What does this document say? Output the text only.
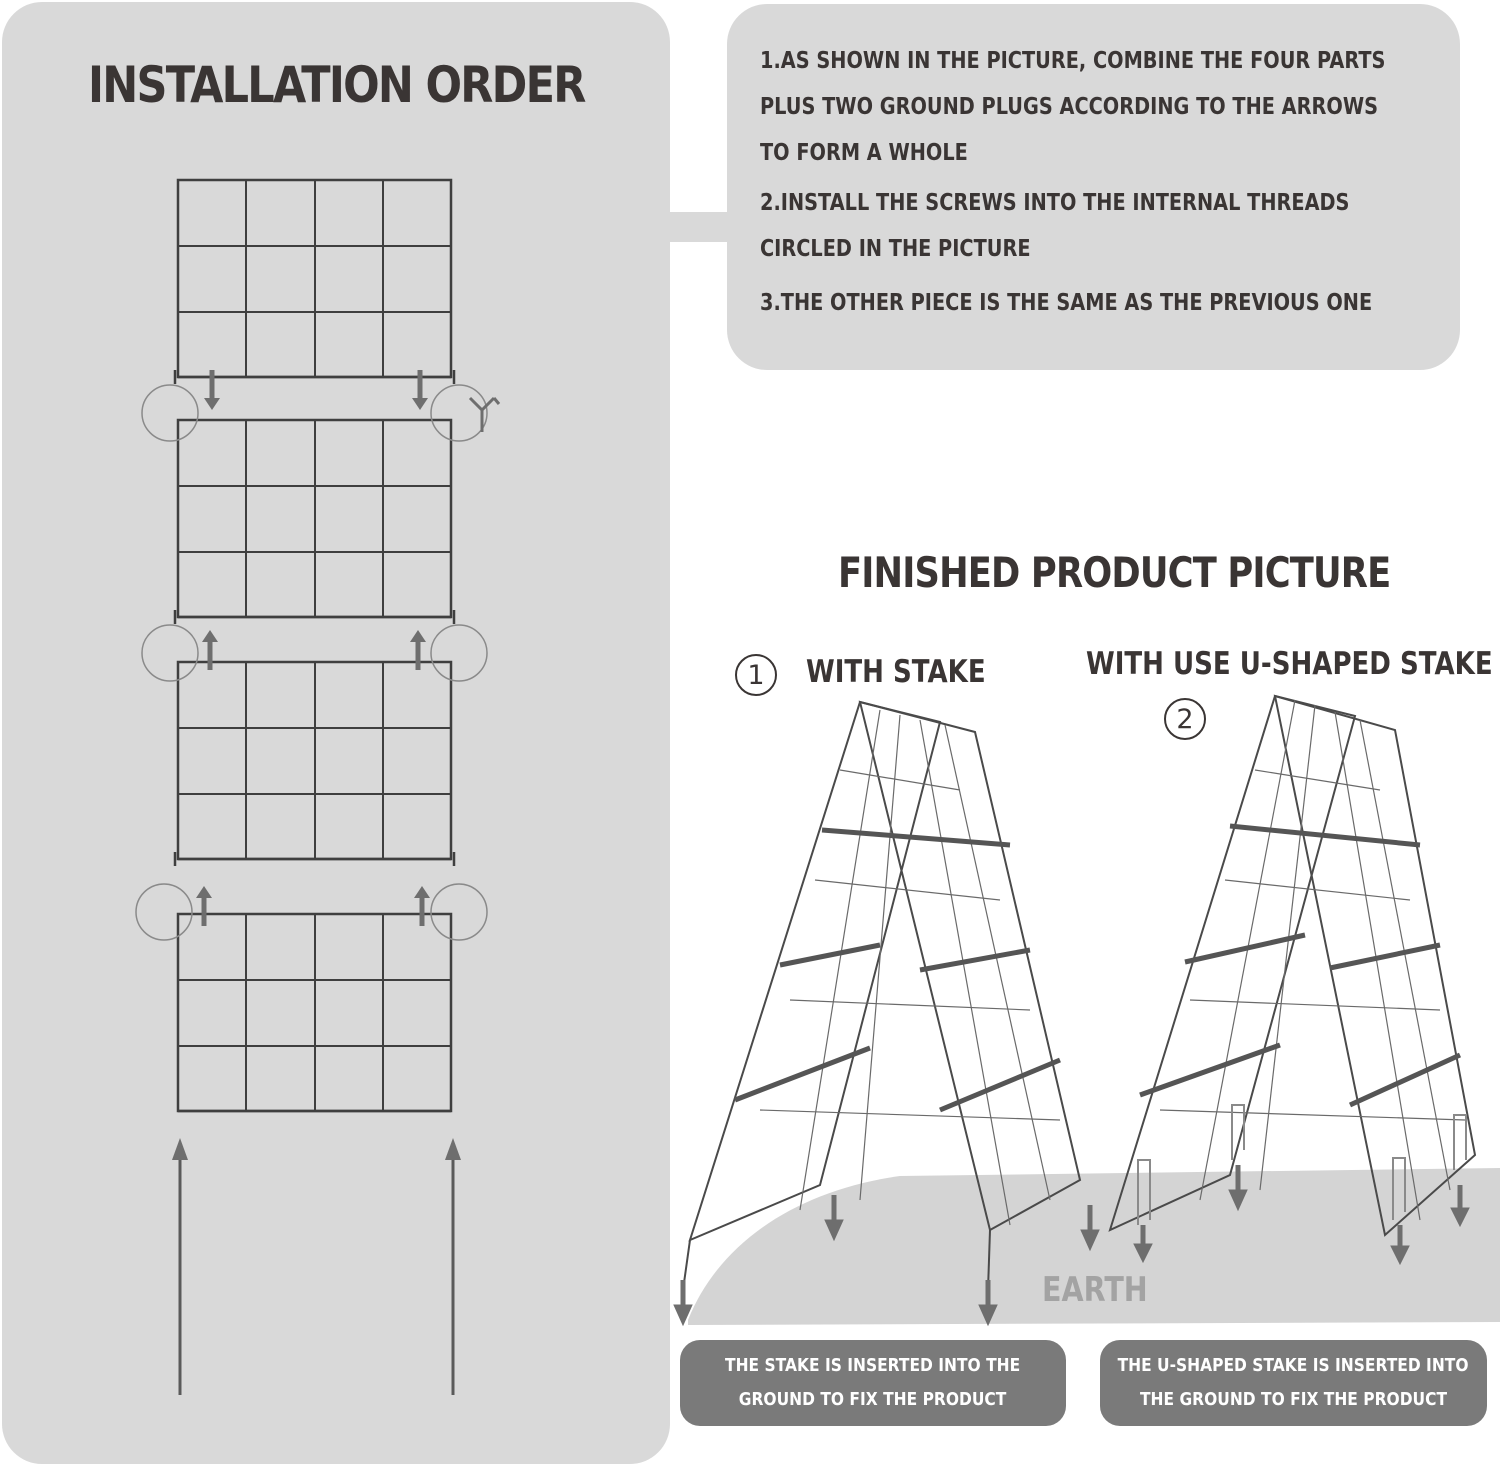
INSTALLATION ORDER	1.AS SHOWN IN THE PICTURE, COMBINE THE FOUR PARTS

PLUS TWO GROUND PLUGS ACCORDING TO THE ARROWS

TO FORM A WHOLE

2.INSTALL THE SCREWS INTO THE INTERNAL THREADS

CIRCLED IN THE PICTURE

3.THE OTHER PIECE IS THE SAME AS THE PREVIOUS ONE

FINISHED PRODUCT PICTURE
1	WITH STAKE	WITH USE U-SHAPED STAKE

2

EARTH

THE STAKE IS INSERTED INTO THE
GROUND TO FIX THE PRODUCT
THE U-SHAPED STAKE IS INSERTED INTO
THE GROUND TO FIX THE PRODUCT
